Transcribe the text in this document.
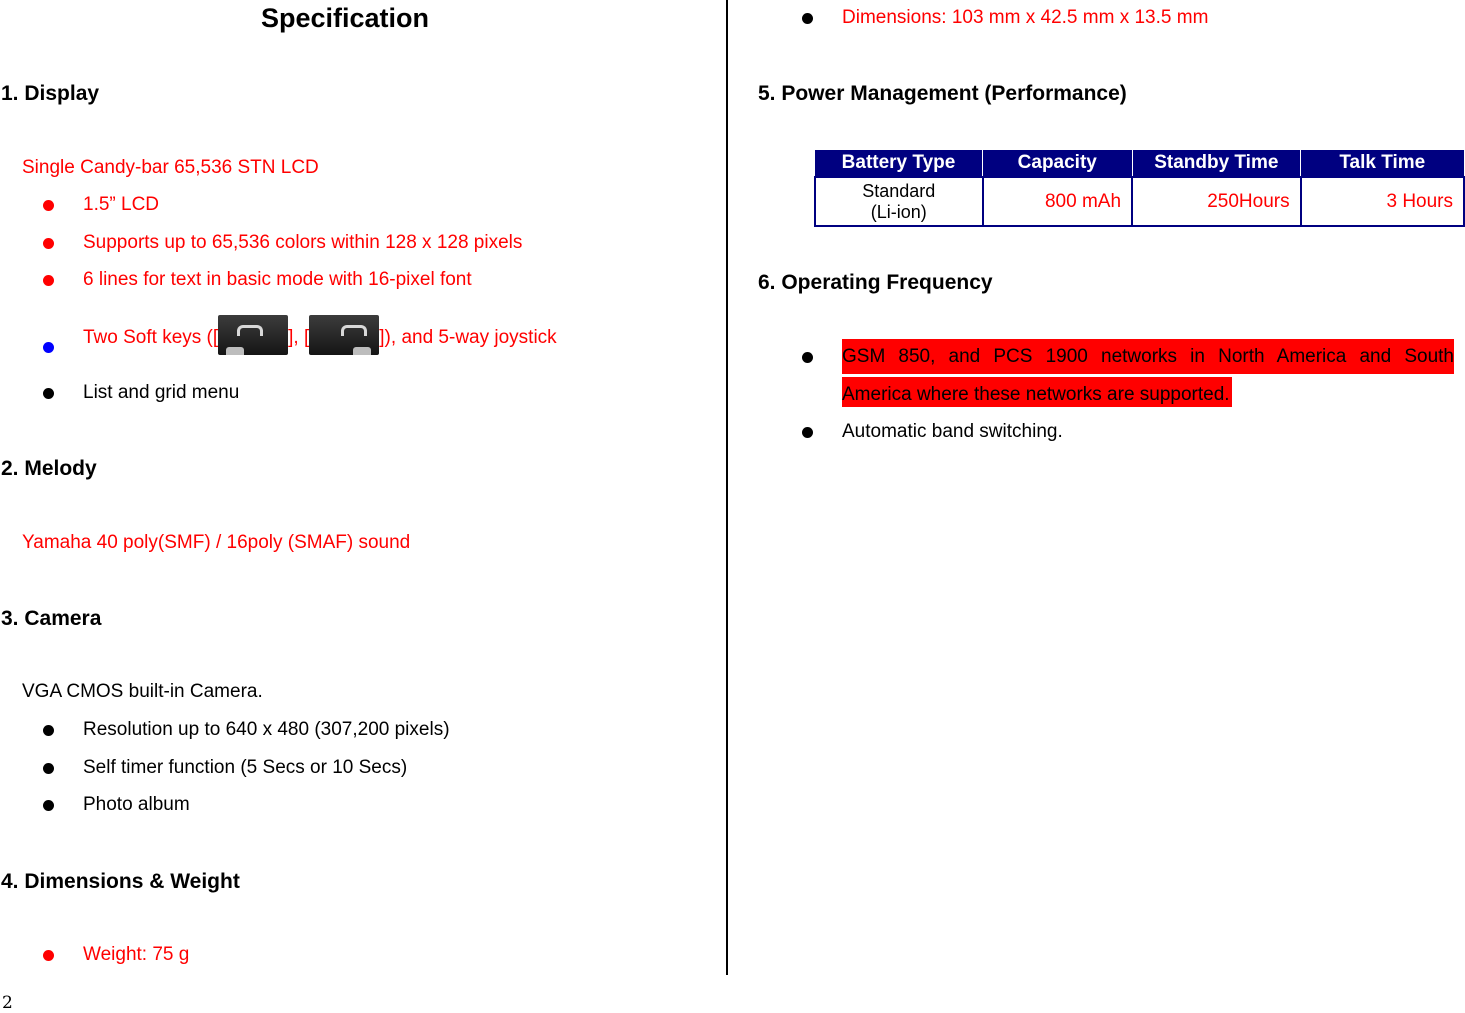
Specification
1. Display
Single Candy-bar 65,536 STN LCD
1.5” LCD
Supports up to 65,536 colors within 128 x 128 pixels
6 lines for text in basic mode with 16-pixel font
Two Soft keys ([	], [	]), and 5-way joystick
List and grid menu
2. Melody
Yamaha 40 poly(SMF) / 16poly (SMAF) sound
3. Camera
VGA CMOS built-in Camera.
Resolution up to 640 x 480 (307,200 pixels)
Self timer function (5 Secs or 10 Secs)
Photo album
4. Dimensions & Weight
Weight: 75 g
2
Dimensions: 103 mm x 42.5 mm x 13.5 mm
5. Power Management (Performance)
Battery Type	Capacity	Standby Time	Talk Time

Standard
(Li-ion)	800 mAh	250Hours	3 Hours
6. Operating Frequency
GSM 850, and PCS 1900 networks in North America and South
America where these networks are supported.
Automatic band switching.
